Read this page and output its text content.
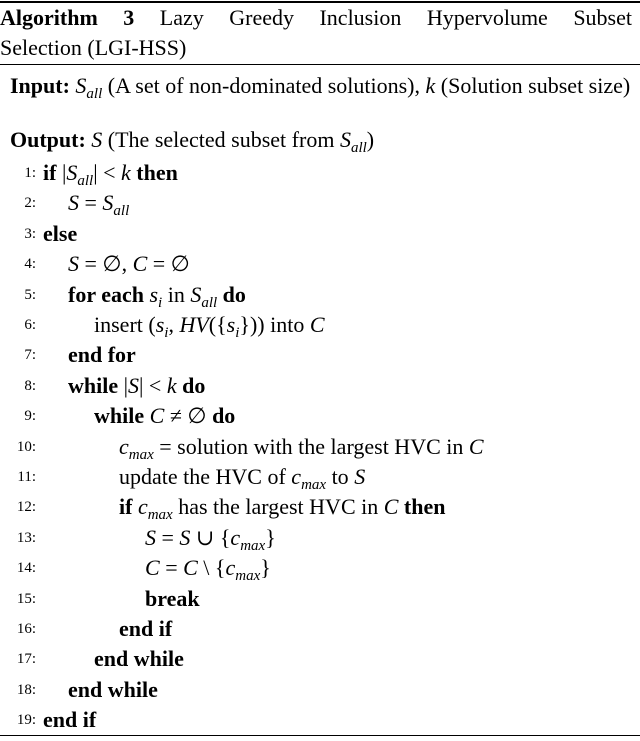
Algorithm 3 Lazy Greedy Inclusion Hypervolume Subset
Selection (LGI-HSS)
Input: $S_{all}$ (A set of non-dominated solutions), k (Solution subset size)
Output: S (The selected subset from $S_{all}$)
1: if $|S_{all}| < k$ then
2: $S = S_{all}$
3: else
4: S = ∅, C = ∅
5: for each $s_i$ in $S_{all}$ do
6:	insert ($s_i$, $HV(\{s_i\})$) into C
7: end for
8: while |S| < k do
9:	while C ≠ ∅ do
10:	$c_{max}$ = solution with the largest HVC in C
11:	update the HVC of $c_{max}$ to S
12:	if $c_{max}$ has the largest HVC in C then
13:	S = S ∪ $\{c_{max}\}$
14:	C = C \ $\{c_{max}\}$
15:	break
16:	end if
17:	end while
18: end while
19: end if
